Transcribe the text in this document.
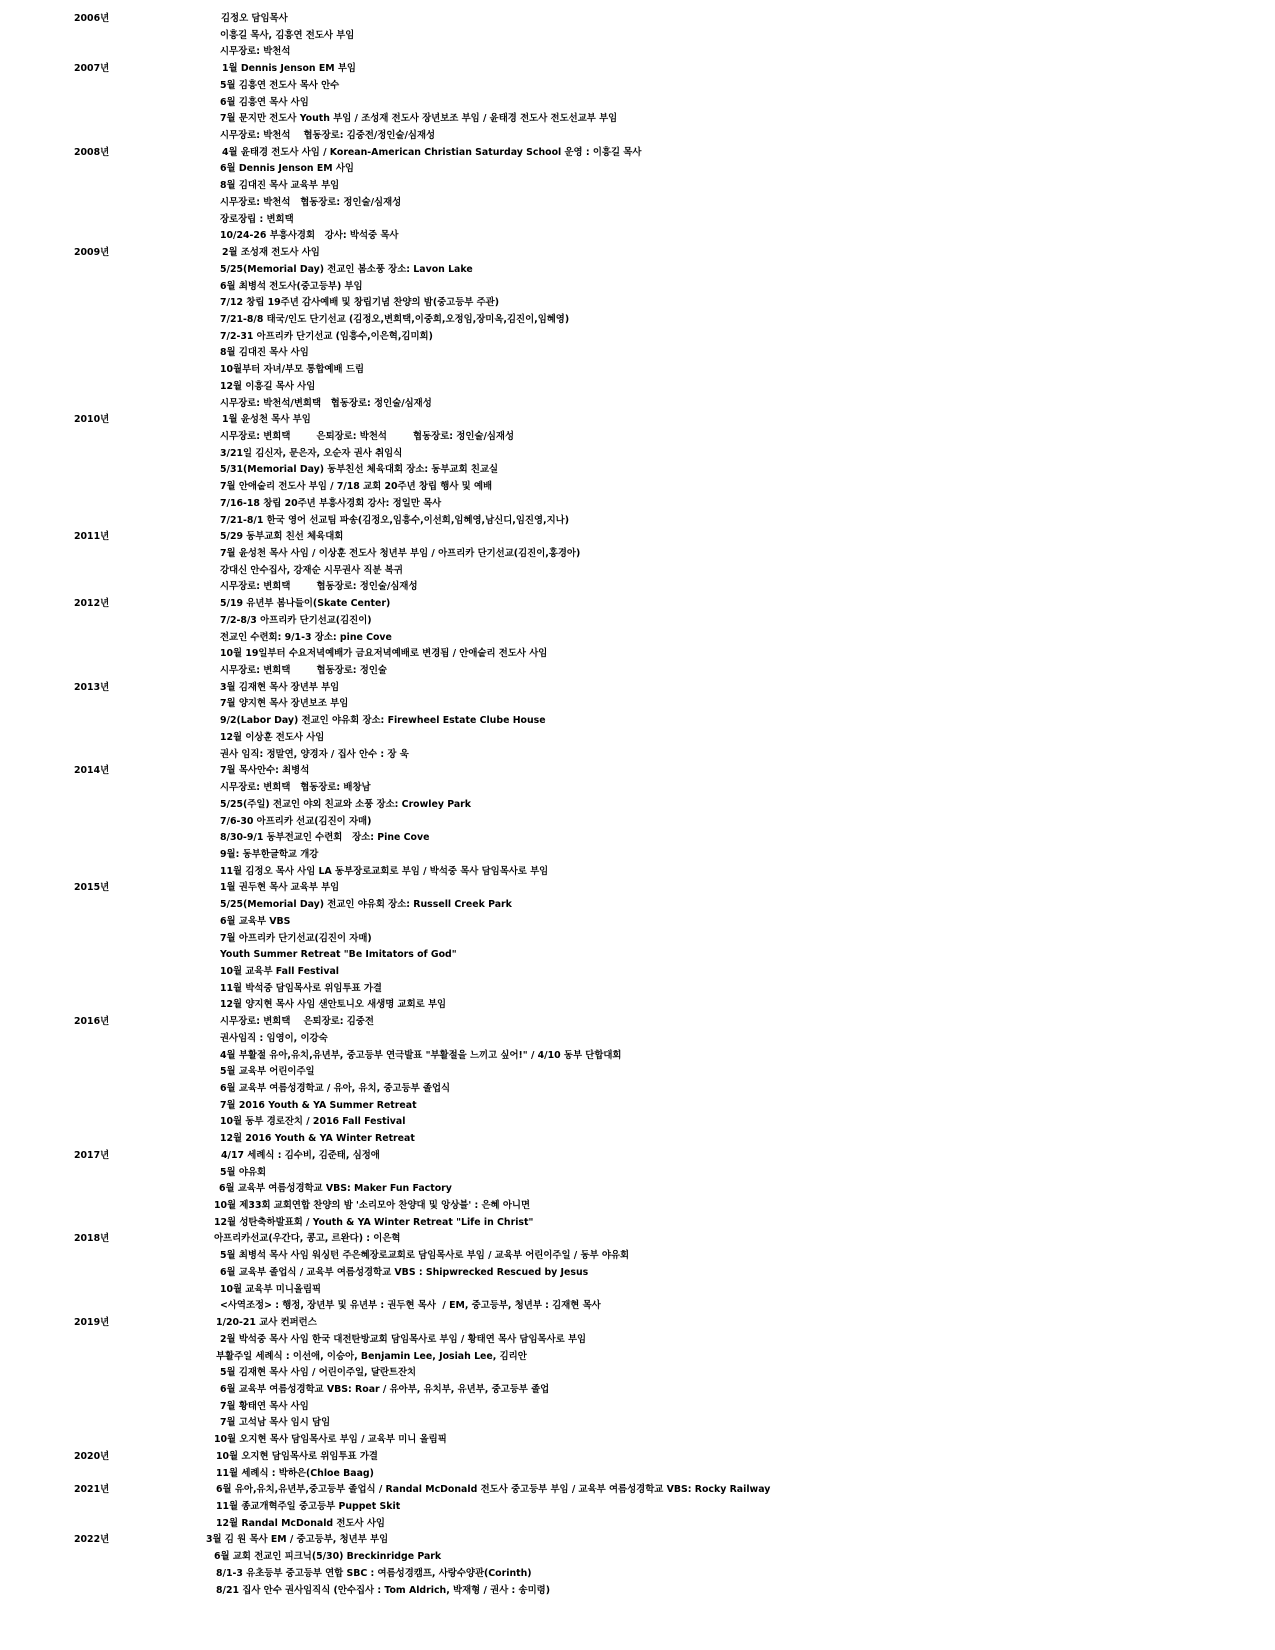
2006년	김정오 담임목사
이흥길 목사, 김흥연 전도사 부임
시무장로: 박천석
2007년	1월 Dennis Jenson EM 부임
5월 김흥연 전도사 목사 안수
6월 김흥연 목사 사임
7월 문지만 전도사 Youth 부임 / 조성재 전도사 장년보조 부임 / 윤태경 전도사 전도선교부 부임
시무장로: 박천석    협동장로: 김중전/정인술/심재성
2008년	4월 윤태경 전도사 사임 / Korean-American Christian Saturday School 운영 : 이흥길 목사
6월 Dennis Jenson EM 사임
8월 김대진 목사 교육부 부임
시무장로: 박천석   협동장로: 정인술/심재성
장로장립 : 변희택
10/24-26 부흥사경회   강사: 박석중 목사
2009년	2월 조성재 전도사 사임
5/25(Memorial Day) 전교인 봄소풍 장소: Lavon Lake
6월 최병석 전도사(중고등부) 부임
7/12 창립 19주년 감사예배 및 창립기념 찬양의 밤(중고등부 주관)
7/21-8/8 태국/인도 단기선교 (김정오,변희택,이중희,오정임,장미옥,김진이,임혜영)
7/2-31 아프리카 단기선교 (임흥수,이은혁,김미희)
8월 김대진 목사 사임
10월부터 자녀/부모 통합예배 드림
12월 이흥길 목사 사임
시무장로: 박천석/변희택   협동장로: 정인술/심재성
2010년	1월 윤성천 목사 부임
시무장로: 변희택        은퇴장로: 박천석        협동장로: 정인술/심재성
3/21일 김신자, 문은자, 오순자 권사 취임식
5/31(Memorial Day) 동부친선 체육대회 장소: 동부교회 친교실
7월 안애숱리 전도사 부임 / 7/18 교회 20주년 창립 행사 및 예배
7/16-18 창립 20주년 부흥사경회 강사: 정일만 목사
7/21-8/1 한국 영어 선교팀 파송(김정오,임흥수,이선희,임혜영,남신디,임진영,지나)
2011년	5/29 동부교회 친선 체육대회
7월 윤성천 목사 사임 / 이상훈 전도사 청년부 부임 / 아프리카 단기선교(김진이,홍경아)
강대신 안수집사, 강재순 시무권사 직분 복귀
시무장로: 변희택        협동장로: 정인술/심재성
2012년	5/19 유년부 봄나들이(Skate Center)
7/2-8/3 아프리카 단기선교(김진이)
전교인 수련회: 9/1-3 장소: pine Cove
10월 19일부터 수요저녁예배가 금요저녁예배로 변경됨 / 안애숱리 전도사 사임
시무장로: 변희택        협동장로: 정인술
2013년	3월 김재현 목사 장년부 부임
7월 양지현 목사 장년보조 부임
9/2(Labor Day) 전교인 야유회 장소: Firewheel Estate Clube House
12월 이상훈 전도사 사임
권사 임직: 정말연, 양경자 / 집사 안수 : 장 욱
2014년	7월 목사안수: 최병석
시무장로: 변희택   협동장로: 배창남
5/25(주일) 전교인 야외 친교와 소풍 장소: Crowley Park
7/6-30 아프리카 선교(김진이 자매)
8/30-9/1 동부전교인 수련회   장소: Pine Cove
9월: 동부한글학교 개강
11월 김정오 목사 사임 LA 동부장로교회로 부임 / 박석중 목사 담임목사로 부임
2015년	1월 권두현 목사 교육부 부임
5/25(Memorial Day) 전교인 야유회 장소: Russell Creek Park
6월 교육부 VBS
7월 아프리카 단기선교(김진이 자매)
Youth Summer Retreat "Be Imitators of God"
10월 교육부 Fall Festival
11월 박석중 담임목사로 위임투표 가결
12월 양지현 목사 사임 샌안토니오 새생명 교회로 부임
2016년	시무장로: 변희택    은퇴장로: 김중전
권사임직 : 임영이, 이강숙
4월 부활절 유아,유치,유년부, 중고등부 연극발표 "부활절을 느끼고 싶어!" / 4/10 동부 단합대회
5월 교육부 어린이주일
6월 교육부 여름성경학교 / 유아, 유치, 중고등부 졸업식
7월 2016 Youth & YA Summer Retreat
10월 동부 경로잔치 / 2016 Fall Festival
12월 2016 Youth & YA Winter Retreat
2017년	4/17 세례식 : 김수비, 김준태, 심정애
5월 야유회
6월 교육부 여름성경학교 VBS: Maker Fun Factory
10월 제33회 교회연합 찬양의 밤 '소리모아 찬양대 및 앙상블' : 은혜 아니면
12월 성탄축하발표회 / Youth & YA Winter Retreat "Life in Christ"
2018년	아프리카선교(우간다, 콩고, 르완다) : 이은혁
5월 최병석 목사 사임 워싱턴 주은혜장로교회로 담임목사로 부임 / 교육부 어린이주일 / 동부 야유회
6월 교육부 졸업식 / 교육부 여름성경학교 VBS : Shipwrecked Rescued by Jesus
10월 교육부 미니올림픽
<사역조정> : 행정, 장년부 및 유년부 : 권두현 목사  / EM, 중고등부, 청년부 : 김재현 목사
2019년	1/20-21 교사 컨퍼런스
2월 박석중 목사 사임 한국 대전탄방교회 담임목사로 부임 / 황태연 목사 담임목사로 부임
부활주일 세례식 : 이선애, 이승아, Benjamin Lee, Josiah Lee, 김리안
5월 김재현 목사 사임 / 어린이주일, 달란트잔치
6월 교육부 여름성경학교 VBS: Roar / 유아부, 유치부, 유년부, 중고등부 졸업
7월 황태연 목사 사임
7월 고석남 목사 임시 담임
10월 오지현 목사 담임목사로 부임 / 교육부 미니 올림픽
2020년	10월 오지현 담임목사로 위임투표 가결
11월 세례식 : 박하은(Chloe Baag)
2021년	6월 유아,유치,유년부,중고등부 졸업식 / Randal McDonald 전도사 중고등부 부임 / 교육부 여름성경학교 VBS: Rocky Railway
11월 종교개혁주일 중고등부 Puppet Skit
12월 Randal McDonald 전도사 사임
2022년	3월 김 원 목사 EM / 중고등부, 청년부 부임
6월 교회 전교인 피크닉(5/30) Breckinridge Park
8/1-3 유초등부 중고등부 연합 SBC : 여름성경캠프, 사랑수양관(Corinth)
8/21 집사 안수 권사임직식 (안수집사 : Tom Aldrich, 박재형 / 권사 : 송미령)
